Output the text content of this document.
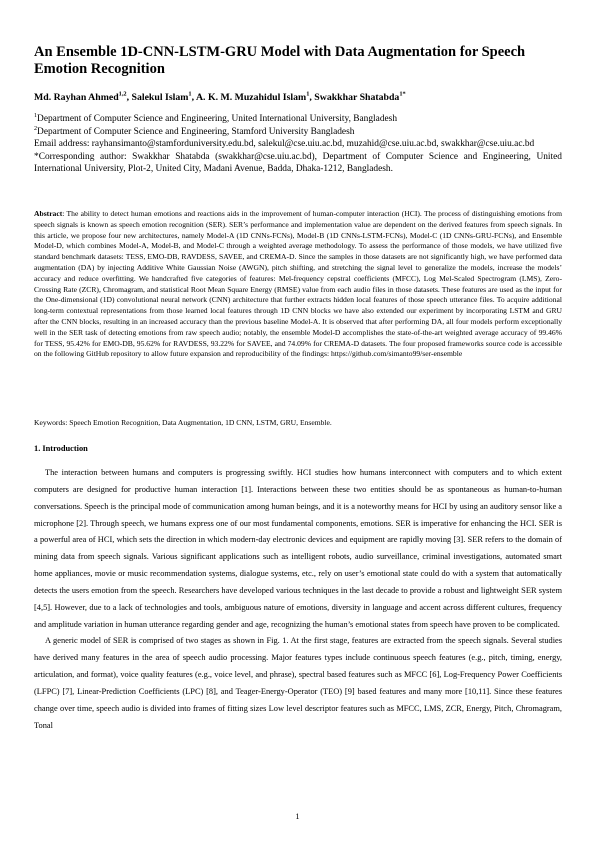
An Ensemble 1D-CNN-LSTM-GRU Model with Data Augmentation for Speech Emotion Recognition
Md. Rayhan Ahmed$^{1,2}$, Salekul Islam$^1$, A. K. M. Muzahidul Islam$^1$, Swakkhar Shatabda$^{1*}$
$^1$Department of Computer Science and Engineering, United International University, Bangladesh
$^2$Department of Computer Science and Engineering, Stamford University Bangladesh
Email address: rayhansimanto@stamforduniversity.edu.bd, salekul@cse.uiu.ac.bd, muzahid@cse.uiu.ac.bd, swakkhar@cse.uiu.ac.bd
*Corresponding author: Swakkhar Shatabda (swakkhar@cse.uiu.ac.bd), Department of Computer Science and Engineering, United International University, Plot-2, United City, Madani Avenue, Badda, Dhaka-1212, Bangladesh.
Abstract: The ability to detect human emotions and reactions aids in the improvement of human-computer interaction (HCI). The process of distinguishing emotions from speech signals is known as speech emotion recognition (SER). SER’s performance and implementation value are dependent on the derived features from speech signals. In this article, we propose four new architectures, namely Model-A (1D CNNs-FCNs), Model-B (1D CNNs-LSTM-FCNs), Model-C (1D CNNs-GRU-FCNs), and Ensemble Model-D, which combines Model-A, Model-B, and Model-C through a weighted average methodology. To assess the performance of those models, we have utilized five standard benchmark datasets: TESS, EMO-DB, RAVDESS, SAVEE, and CREMA-D. Since the samples in those datasets are not significantly high, we have performed data augmentation (DA) by injecting Additive White Gaussian Noise (AWGN), pitch shifting, and stretching the signal level to generalize the models, increase the models’ accuracy and reduce overfitting. We handcrafted five categories of features: Mel-frequency cepstral coefficients (MFCC), Log Mel-Scaled Spectrogram (LMS), Zero-Crossing Rate (ZCR), Chromagram, and statistical Root Mean Square Energy (RMSE) value from each audio files in those datasets. These features are used as the input for the One-dimensional (1D) convolutional neural network (CNN) architecture that further extracts hidden local features of those speech utterance files. To acquire additional long-term contextual representations from those learned local features through 1D CNN blocks we have also extended our experiment by incorporating LSTM and GRU after the CNN blocks, resulting in an increased accuracy than the previous baseline Model-A. It is observed that after performing DA, all four models perform exceptionally well in the SER task of detecting emotions from raw speech audio; notably, the ensemble Model-D accomplishes the state-of-the-art weighted average accuracy of 99.46% for TESS, 95.42% for EMO-DB, 95.62% for RAVDESS, 93.22% for SAVEE, and 74.09% for CREMA-D datasets. The four proposed frameworks source code is accessible on the following GitHub repository to allow future expansion and reproducibility of the findings: https://github.com/simanto99/ser-ensemble
Keywords: Speech Emotion Recognition, Data Augmentation, 1D CNN, LSTM, GRU, Ensemble.
1. Introduction

The interaction between humans and computers is progressing swiftly. HCI studies how humans interconnect with computers and to which extent computers are designed for productive human interaction [1]. Interactions between these two entities should be as spontaneous as human-to-human conversations. Speech is the principal mode of communication among human beings, and it is a noteworthy means for HCI by using an auditory sensor like a microphone [2]. Through speech, we humans express one of our most fundamental components, emotions. SER is imperative for enhancing the HCI. SER is a powerful area of HCI, which sets the direction in which modern-day electronic devices and equipment are rapidly moving [3]. SER refers to the domain of mining data from speech signals. Various significant applications such as intelligent robots, audio surveillance, criminal investigations, automated smart home appliances, movie or music recommendation systems, dialogue systems, etc., rely on user’s emotional state could do with a system that automatically detects the users emotion from the speech. Researchers have developed various techniques in the last decade to provide a robust and lightweight SER system [4,5]. However, due to a lack of technologies and tools, ambiguous nature of emotions, diversity in language and accent across different cultures, frequency and amplitude variation in human utterance regarding gender and age, recognizing the human’s emotional states from speech have proven to be complicated.

A generic model of SER is comprised of two stages as shown in Fig. 1. At the first stage, features are extracted from the speech signals. Several studies have derived many features in the area of speech audio processing. Major features types include continuous speech features (e.g., pitch, timing, energy, articulation, and format), voice quality features (e.g., voice level, and phrase), spectral based features such as MFCC [6], Log-Frequency Power Coefficients (LFPC) [7], Linear-Prediction Coefficients (LPC) [8], and Teager-Energy-Operator (TEO) [9] based features and many more [10,11]. Since these features change over time, speech audio is divided into frames of fitting sizes Low level descriptor features such as MFCC, LMS, ZCR, Energy, Pitch, Chromagram, Tonal

1
